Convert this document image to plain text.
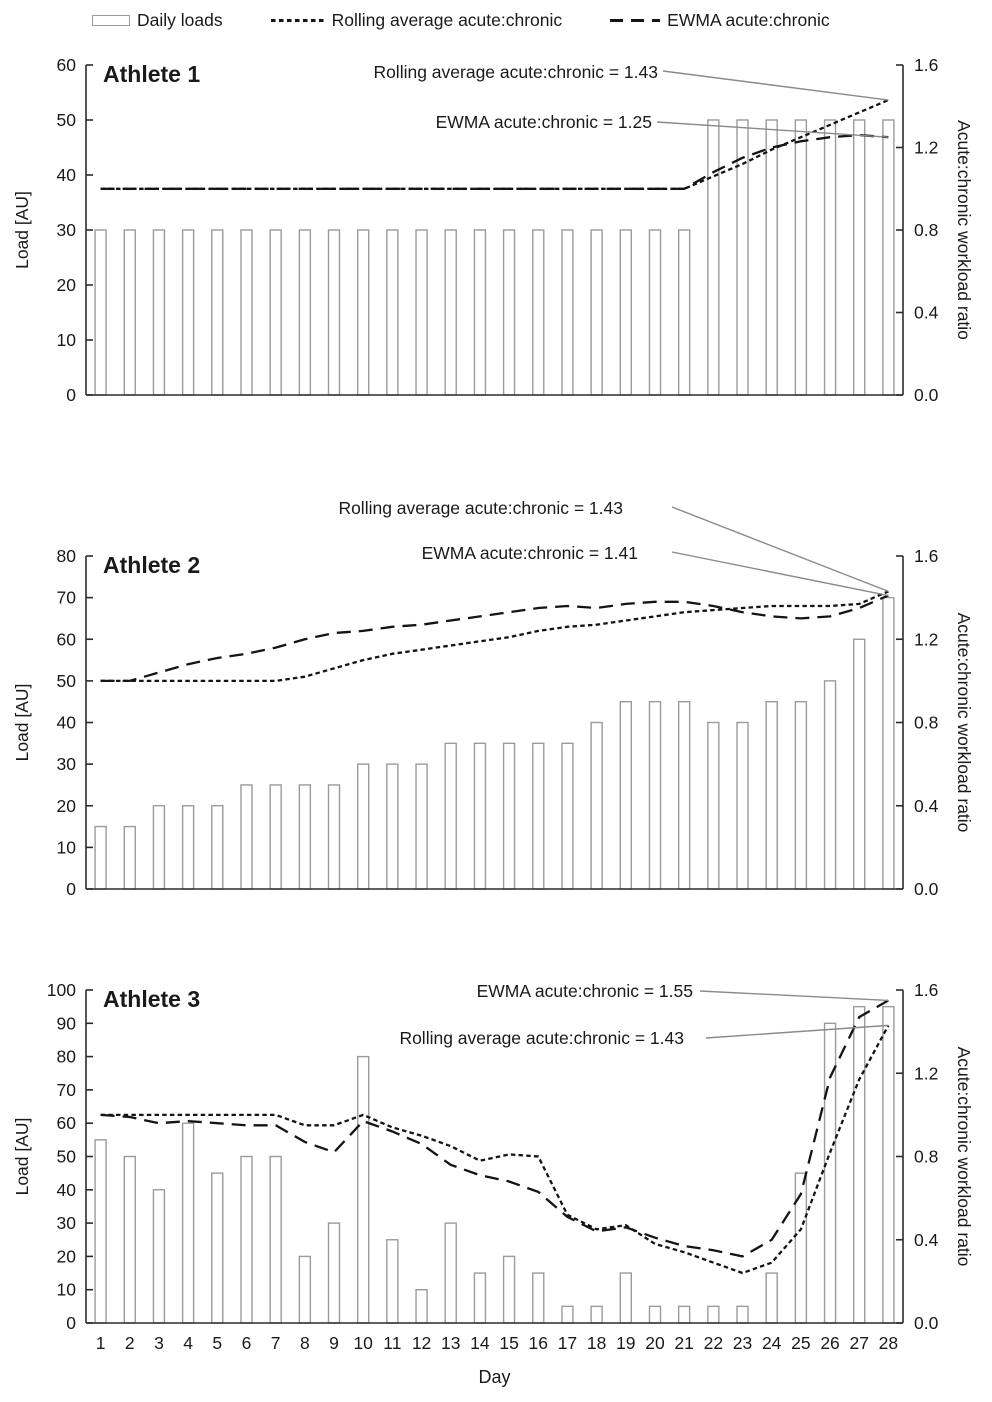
Daily loads	Rolling average acute:chronic	EWMA acute:chronic
0
10
20
30
40
50
60
0.0
0.4
0.8
1.2
1.6
Rolling average acute:chronic = 1.43
EWMA acute:chronic = 1.25
Athlete 1
Load [AU]	Acute:chronic workload ratio
0
10
20
30
40
50
60
70
80
0.0
0.4
0.8
1.2
1.6
Rolling average acute:chronic = 1.43
EWMA acute:chronic = 1.41
Athlete 2
Load [AU]	Acute:chronic workload ratio
0
10
20
30
40
50
60
70
80
90
100
0.0
0.4
0.8
1.2
1.6
EWMA acute:chronic = 1.55
Rolling average acute:chronic = 1.43
Athlete 3
Load [AU]	Acute:chronic workload ratio
1 2 3 4 5 6 7 8 9 10 11 12 13 14 15 16 17 18 19 20 21 22 23 24 25 26 27 28
Day
